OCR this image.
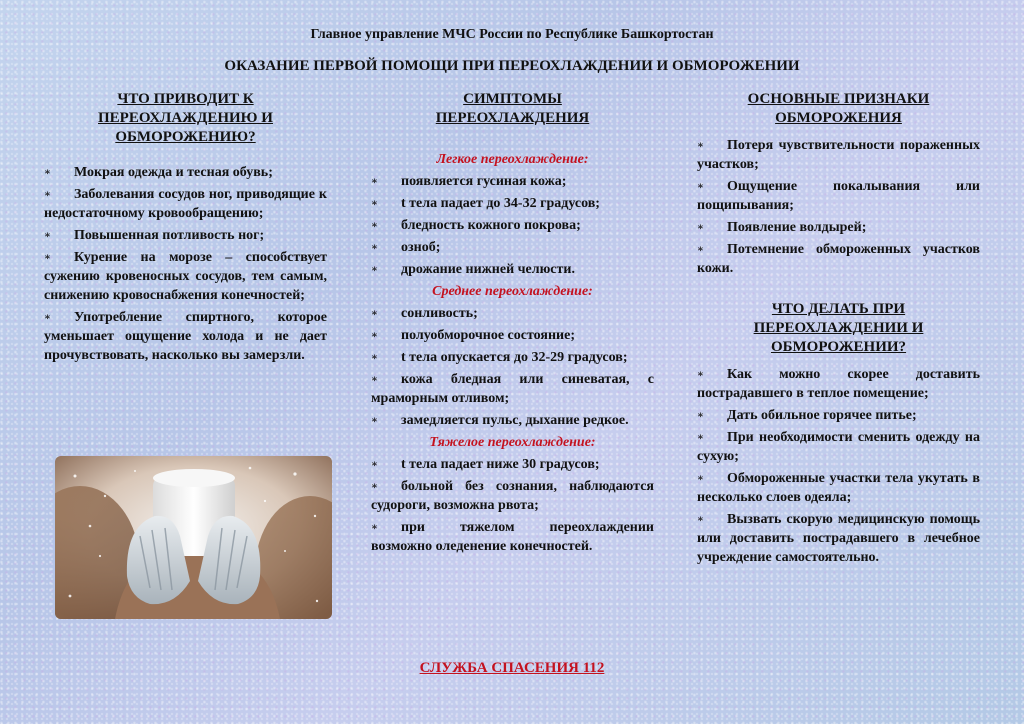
Главное управление МЧС России по Республике Башкортостан
ОКАЗАНИЕ ПЕРВОЙ ПОМОЩИ ПРИ ПЕРЕОХЛАЖДЕНИИ И ОБМОРОЖЕНИИ
ЧТО ПРИВОДИТ К ПЕРЕОХЛАЖДЕНИЮ И ОБМОРОЖЕНИЮ?
∗ Мокрая одежда и тесная обувь;
∗ Заболевания сосудов ног, приводящие к недостаточному кровообращению;
∗ Повышенная потливость ног;
∗ Курение на морозе – способствует сужению кровеносных сосудов, тем самым, снижению кровоснабжения конечностей;
∗ Употребление спиртного, которое уменьшает ощущение холода и не дает прочувствовать, насколько вы замерзли.
СИМПТОМЫ ПЕРЕОХЛАЖДЕНИЯ
Легкое переохлаждение:
∗ появляется гусиная кожа;
∗ t тела падает до 34-32 градусов;
∗ бледность кожного покрова;
∗ озноб;
∗ дрожание нижней челюсти.
Среднее переохлаждение:
∗ сонливость;
∗ полуобморочное состояние;
∗ t тела опускается до 32-29 градусов;
∗ кожа бледная или синеватая, с мраморным отливом;
∗ замедляется пульс, дыхание редкое.
Тяжелое переохлаждение:
∗ t тела падает ниже 30 градусов;
∗ больной без сознания, наблюдаются судороги, возможна рвота;
∗ при тяжелом переохлаждении возможно оледенение конечностей.
ОСНОВНЫЕ ПРИЗНАКИ ОБМОРОЖЕНИЯ
∗ Потеря чувствительности пораженных участков;
∗ Ощущение покалывания или пощипывания;
∗ Появление волдырей;
∗ Потемнение обмороженных участков кожи.
ЧТО ДЕЛАТЬ ПРИ ПЕРЕОХЛАЖДЕНИИ И ОБМОРОЖЕНИИ?
∗ Как можно скорее доставить пострадавшего в теплое помещение;
∗ Дать обильное горячее питье;
∗ При необходимости сменить одежду на сухую;
∗ Обмороженные участки тела укутать в несколько слоев одеяла;
∗ Вызвать скорую медицинскую помощь или доставить пострадавшего в лечебное учреждение самостоятельно.
СЛУЖБА СПАСЕНИЯ 112
